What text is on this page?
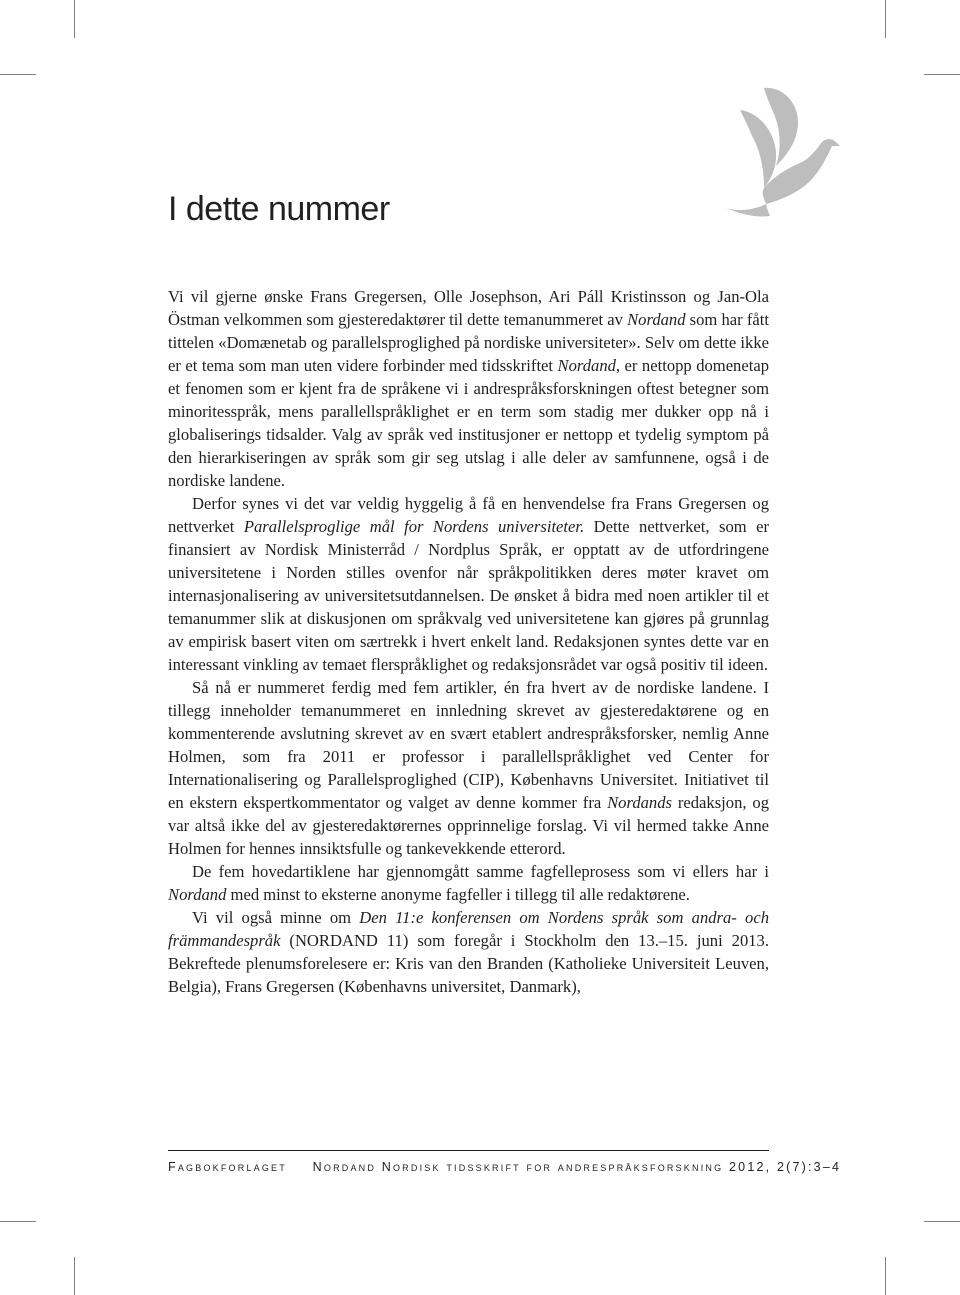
I dette nummer

Vi vil gjerne ønske Frans Gregersen, Olle Josephson, Ari Páll Kristinsson og Jan-Ola Östman velkommen som gjesteredaktører til dette temanummeret av Nordand som har fått tittelen «Domænetab og parallelsproglighed på nordiske universiteter». Selv om dette ikke er et tema som man uten videre forbinder med tidsskriftet Nordand, er nettopp domenetap et fenomen som er kjent fra de språkene vi i andrespråksforskningen oftest betegner som minoritesspråk, mens parallellspråklighet er en term som stadig mer dukker opp nå i globaliserings tidsalder. Valg av språk ved institusjoner er nettopp et tydelig symptom på den hierarkiseringen av språk som gir seg utslag i alle deler av samfunnene, også i de nordiske landene.

Derfor synes vi det var veldig hyggelig å få en henvendelse fra Frans Gregersen og nettverket Parallelsproglige mål for Nordens universiteter. Dette nettverket, som er finansiert av Nordisk Ministerråd / Nordplus Språk, er opptatt av de utfordringene universitetene i Norden stilles ovenfor når språkpolitikken deres møter kravet om internasjonalisering av universitetsutdannelsen. De ønsket å bidra med noen artikler til et temanummer slik at diskusjonen om språkvalg ved universitetene kan gjøres på grunnlag av empirisk basert viten om særtrekk i hvert enkelt land. Redaksjonen syntes dette var en interessant vinkling av temaet flerspråklighet og redaksjonsrådet var også positiv til ideen.

Så nå er nummeret ferdig med fem artikler, én fra hvert av de nordiske landene. I tillegg inneholder temanummeret en innledning skrevet av gjesteredaktørene og en kommenterende avslutning skrevet av en svært etablert andrespråksforsker, nemlig Anne Holmen, som fra 2011 er professor i parallellspråklighet ved Center for Internationalisering og Parallelsproglighed (CIP), Københavns Universitet. Initiativet til en ekstern ekspertkommentator og valget av denne kommer fra Nordands redaksjon, og var altså ikke del av gjesteredaktørernes opprinnelige forslag. Vi vil hermed takke Anne Holmen for hennes innsiktsfulle og tankevekkende etterord.

De fem hovedartiklene har gjennomgått samme fagfelleprosess som vi ellers har i Nordand med minst to eksterne anonyme fagfeller i tillegg til alle redaktørene.

Vi vil også minne om Den 11:e konferensen om Nordens språk som andra- och främmandespråk (NORDAND 11) som foregår i Stockholm den 13.–15. juni 2013. Bekreftede plenumsforelesere er: Kris van den Branden (Katholieke Universiteit Leuven, Belgia), Frans Gregersen (Københavns universitet, Danmark),

Fagbokforlaget Nordand Nordisk tidsskrift for andrespråksforskning 2012, 2(7):3–4
